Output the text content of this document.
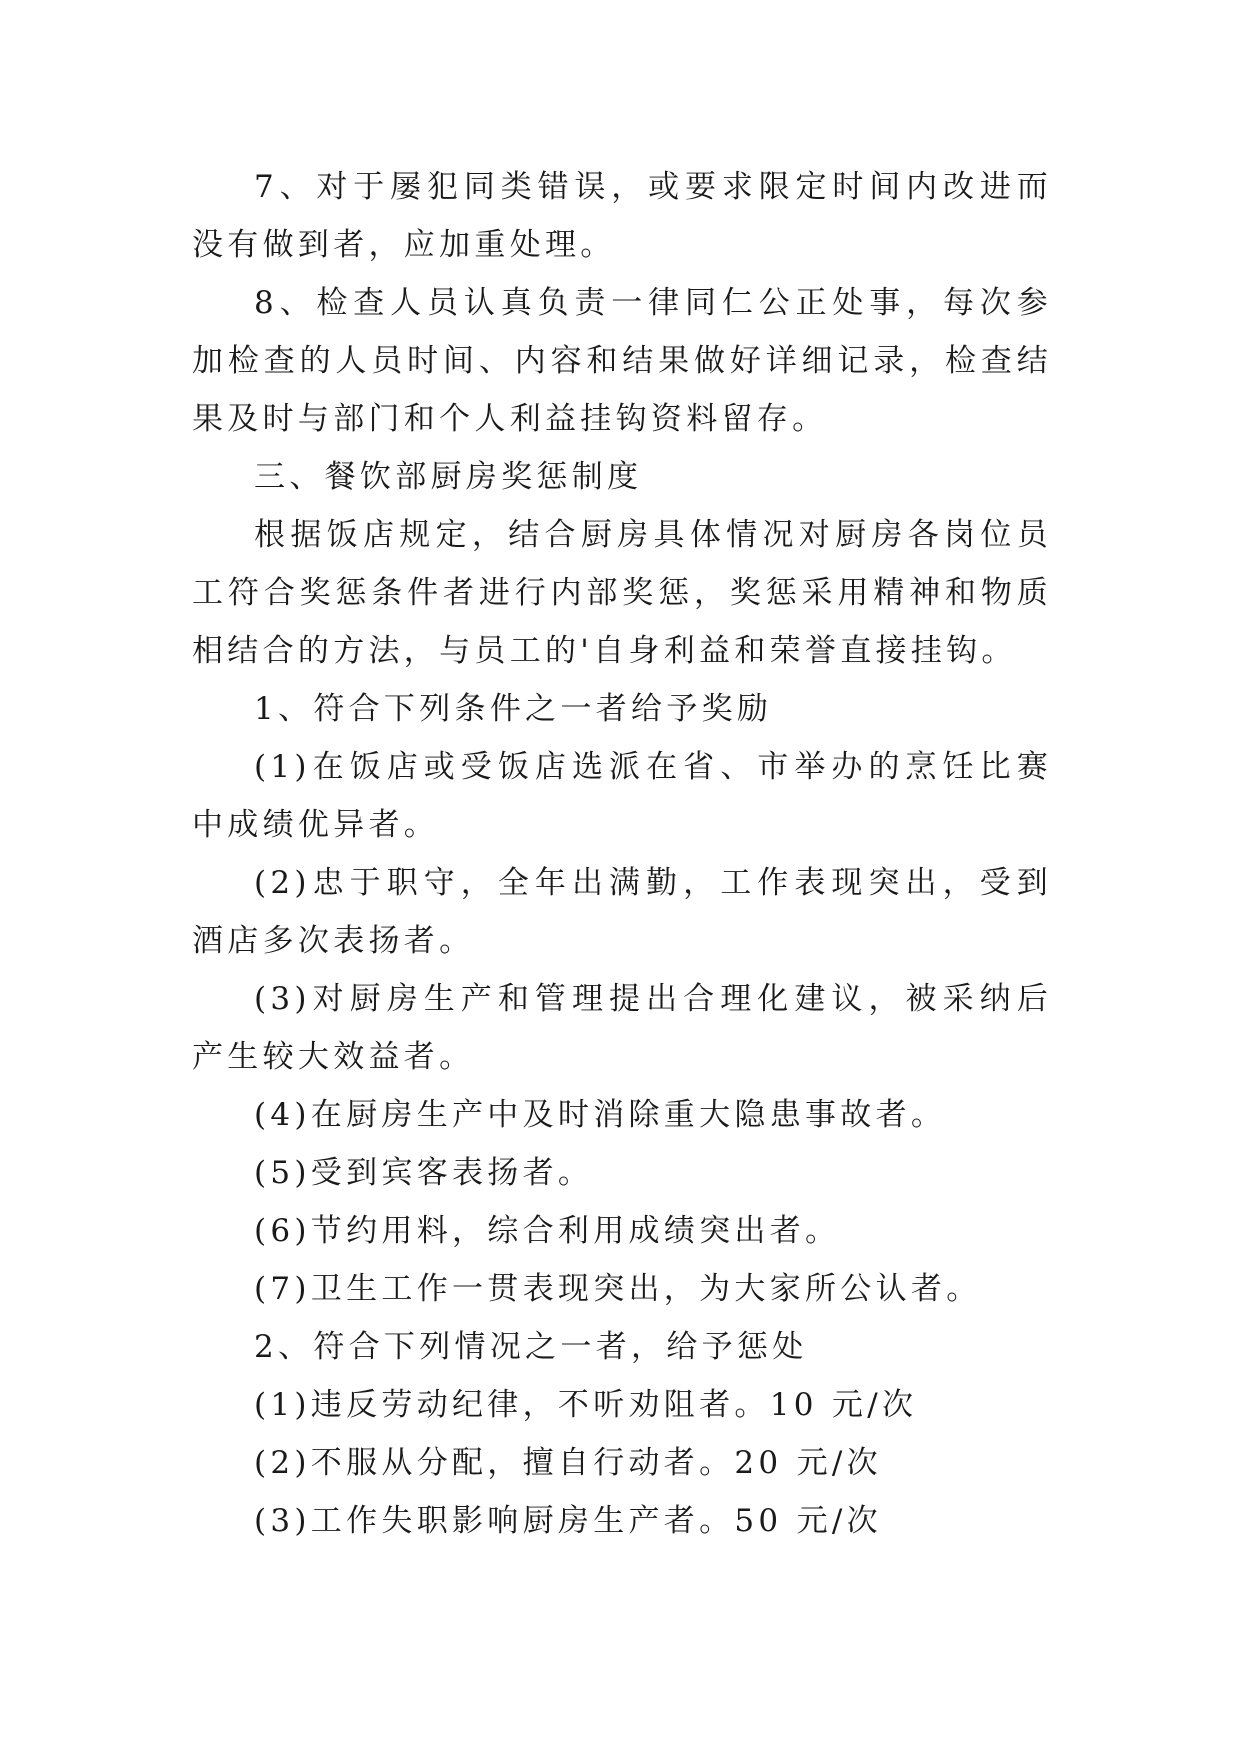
7、对于屡犯同类错误，或要求限定时间内改进而没有做到者，应加重处理。

8、检查人员认真负责一律同仁公正处事，每次参加检查的人员时间、内容和结果做好详细记录，检查结果及时与部门和个人利益挂钩资料留存。

三、餐饮部厨房奖惩制度

根据饭店规定，结合厨房具体情况对厨房各岗位员工符合奖惩条件者进行内部奖惩，奖惩采用精神和物质相结合的方法，与员工的'自身利益和荣誉直接挂钩。

1、符合下列条件之一者给予奖励

(1)在饭店或受饭店选派在省、市举办的烹饪比赛中成绩优异者。

(2)忠于职守，全年出满勤，工作表现突出，受到酒店多次表扬者。

(3)对厨房生产和管理提出合理化建议，被采纳后产生较大效益者。

(4)在厨房生产中及时消除重大隐患事故者。

(5)受到宾客表扬者。

(6)节约用料，综合利用成绩突出者。

(7)卫生工作一贯表现突出，为大家所公认者。

2、符合下列情况之一者，给予惩处

(1)违反劳动纪律，不听劝阻者。10 元/次

(2)不服从分配，擅自行动者。20 元/次

(3)工作失职影响厨房生产者。50 元/次
